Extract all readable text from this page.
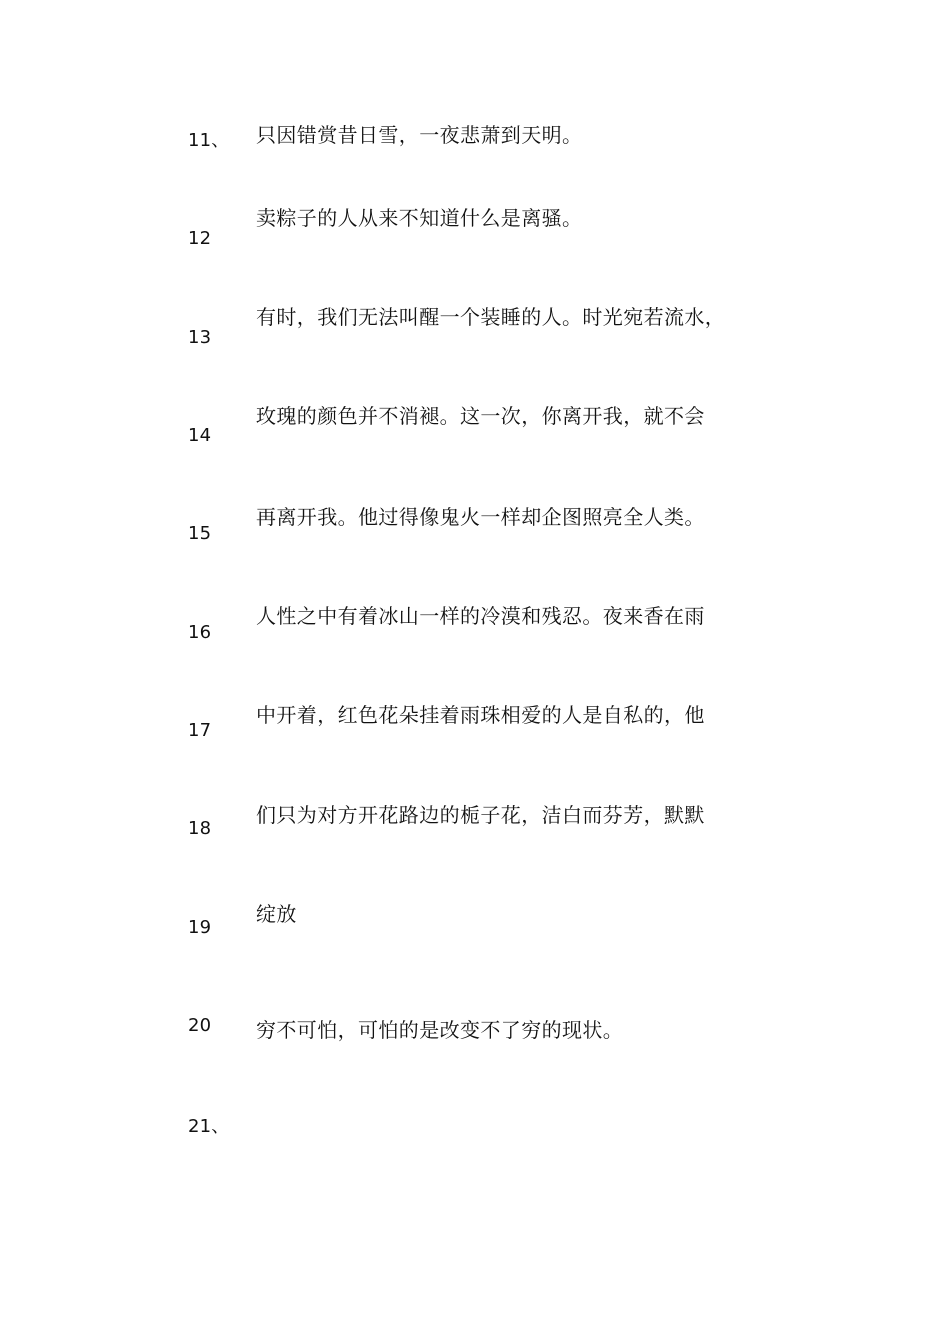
11、 只因错赏昔日雪，一夜悲萧到天明。
12
卖粽子的人从来不知道什么是离骚。
13
有时，我们无法叫醒一个装睡的人。时光宛若流水，
14
玫瑰的颜色并不消褪。这一次，你离开我，就不会
15
再离开我。他过得像鬼火一样却企图照亮全人类。
16
人性之中有着冰山一样的冷漠和残忍。夜来香在雨
17
中开着，红色花朵挂着雨珠相爱的人是自私的，他
18
们只为对方开花路边的栀子花，洁白而芬芳，默默
19
绽放
20 穷不可怕，可怕的是改变不了穷的现状。
21、
